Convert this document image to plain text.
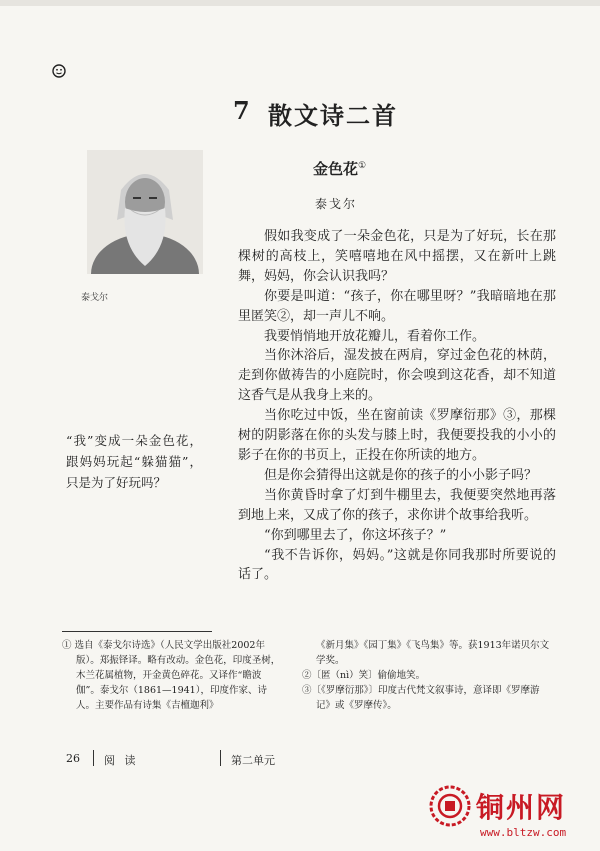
7 散文诗二首
金色花①
泰戈尔
泰戈尔
“我”变成一朵金色花，跟妈妈玩起“躲猫猫”，只是为了好玩吗？

假如我变成了一朵金色花，只是为了好玩，长在那棵树的高枝上，笑嘻嘻地在风中摇摆，又在新叶上跳舞，妈妈，你会认识我吗？

你要是叫道：“孩子，你在哪里呀？”我暗暗地在那里匿笑②，却一声儿不响。

我要悄悄地开放花瓣儿，看着你工作。

当你沐浴后，湿发披在两肩，穿过金色花的林荫，走到你做祷告的小庭院时，你会嗅到这花香，却不知道这香气是从我身上来的。

当你吃过中饭，坐在窗前读《罗摩衍那》③，那棵树的阴影落在你的头发与膝上时，我便要投我的小小的影子在你的书页上，正投在你所读的地方。

但是你会猜得出这就是你的孩子的小小影子吗？

当你黄昏时拿了灯到牛棚里去，我便要突然地再落到地上来，又成了你的孩子，求你讲个故事给我听。

“你到哪里去了，你这坏孩子？”

“我不告诉你，妈妈。”这就是你同我那时所要说的话了。

① 选自《泰戈尔诗选》（人民文学出版社2002年版）。郑振铎译。略有改动。金色花，印度圣树，木兰花属植物，开金黄色碎花。又译作“瞻波伽”。泰戈尔（1861—1941），印度作家、诗人。主要作品有诗集《吉檀迦利》
《新月集》《园丁集》《飞鸟集》等。获1913年诺贝尔文学奖。
②〔匿（nì）笑〕偷偷地笑。
③〔《罗摩衍那》〕印度古代梵文叙事诗，意译即《罗摩游记》或《罗摩传》。
26 阅 读	第二单元
铜州网
www.bltzw.com
